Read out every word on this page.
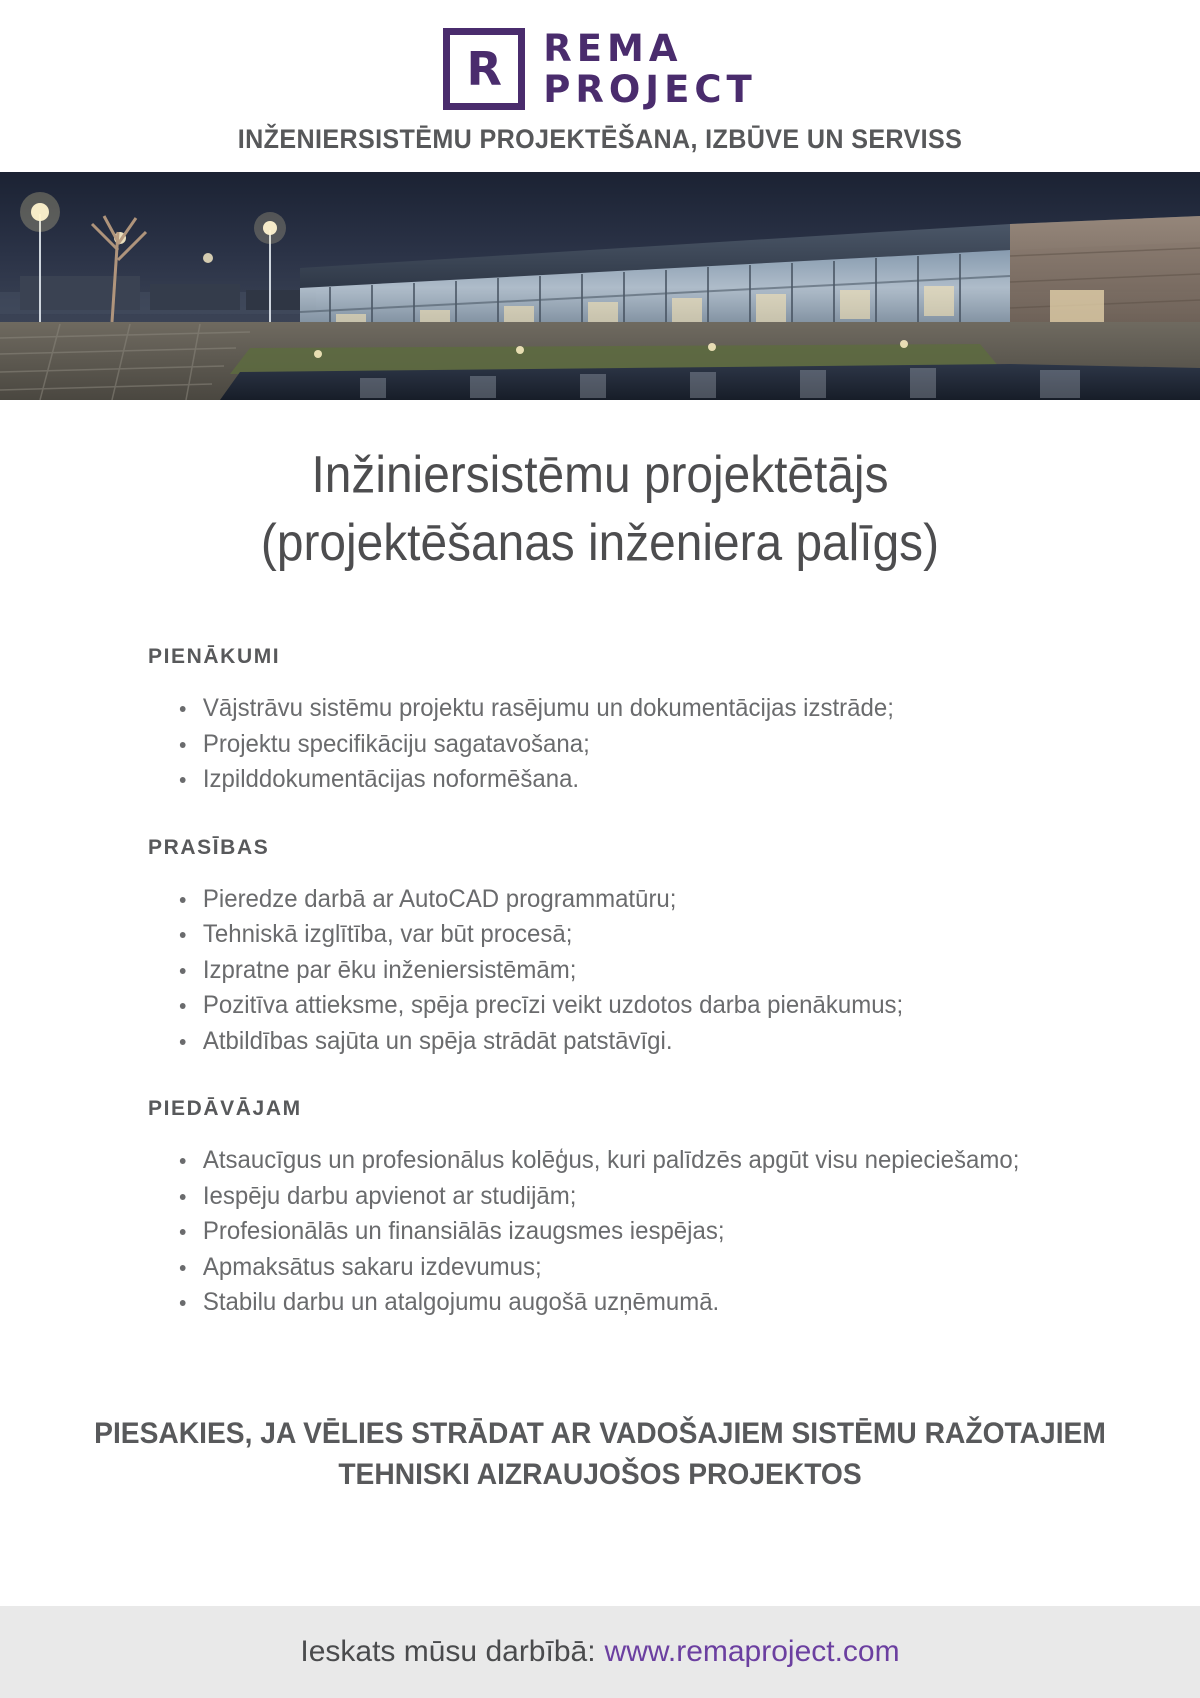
R REMA
PROJECT
INŽENIERSISTĒMU PROJEKTĒŠANA, IZBŪVE UN SERVISS
Inžiniersistēmu projektētājs
(projektēšanas inženiera palīgs)
PIENĀKUMI
Vājstrāvu sistēmu projektu rasējumu un dokumentācijas izstrāde;
Projektu specifikāciju sagatavošana;
Izpilddokumentācijas noformēšana.
PRASĪBAS
Pieredze darbā ar AutoCAD programmatūru;
Tehniskā izglītība, var būt procesā;
Izpratne par ēku inženiersistēmām;
Pozitīva attieksme, spēja precīzi veikt uzdotos darba pienākumus;
Atbildības sajūta un spēja strādāt patstāvīgi.
PIEDĀVĀJAM
Atsaucīgus un profesionālus kolēģus, kuri palīdzēs apgūt visu nepieciešamo;
Iespēju darbu apvienot ar studijām;
Profesionālās un finansiālās izaugsmes iespējas;
Apmaksātus sakaru izdevumus;
Stabilu darbu un atalgojumu augošā uzņēmumā.
PIESAKIES, JA VĒLIES STRĀDAT AR VADOŠAJIEM SISTĒMU RAŽOTAJIEM
TEHNISKI AIZRAUJOŠOS PROJEKTOS
Ieskats mūsu darbībā: www.remaproject.com
